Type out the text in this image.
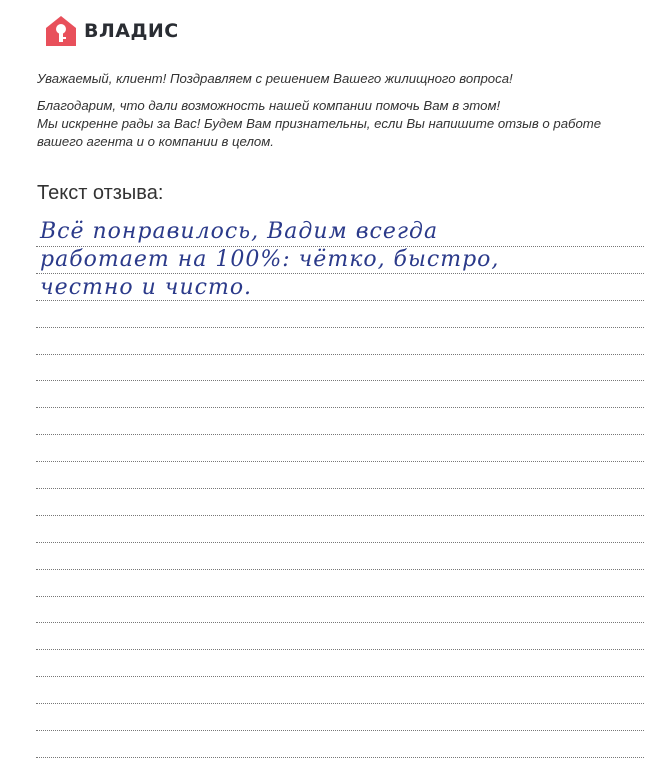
ВЛАДИС

Уважаемый, клиент! Поздравляем с решением Вашего жилищного вопроса!

Благодарим, что дали возможность нашей компании помочь Вам в этом!
Мы искренне рады за Вас! Будем Вам признательны, если Вы напишите отзыв о работе
вашего агента и о компании в целом.

Текст отзыва:
Всё понравилось, Вадим всегда
работает на 100%: чётко, быстро,
честно и чисто.
